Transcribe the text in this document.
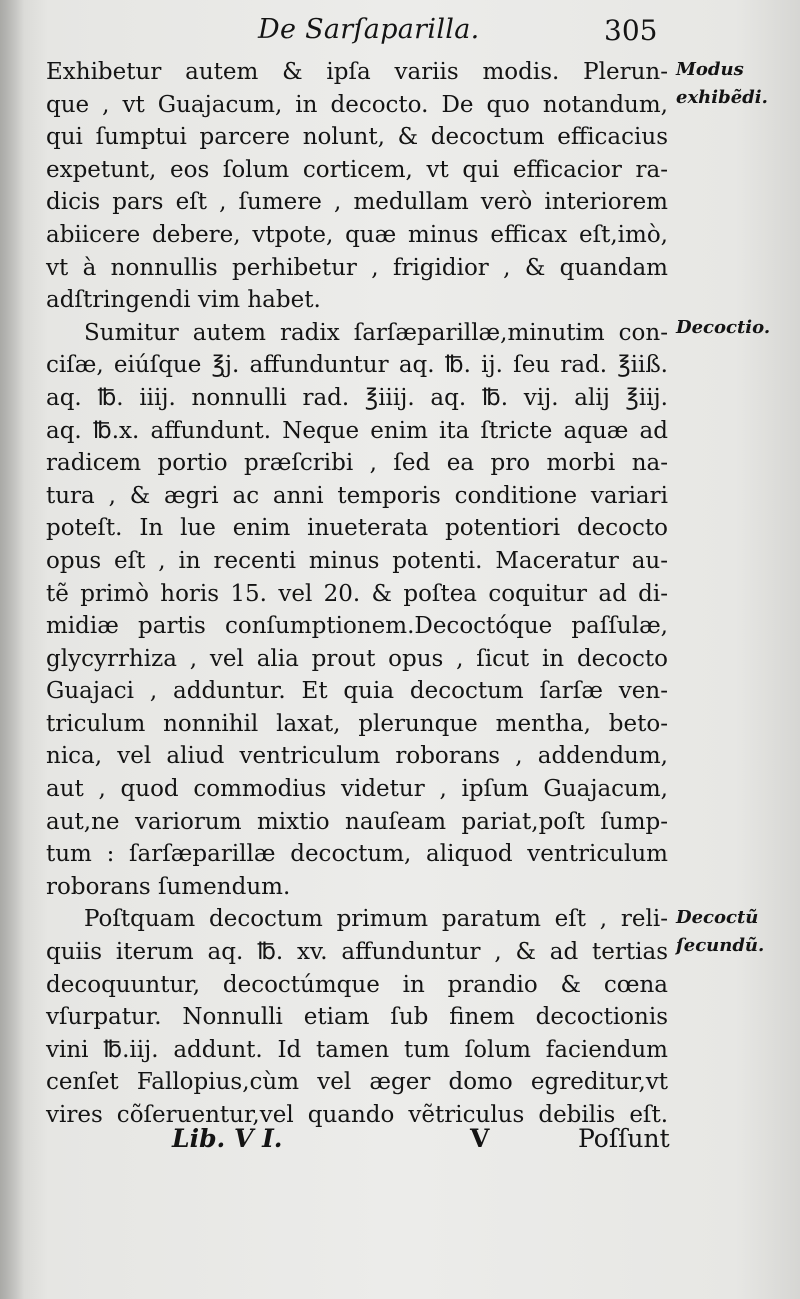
De Sarſaparilla.	305
Exhibetur autem & ipſa variis modis. Plerun-
que , vt Guajacum, in decocto. De quo notandum,
qui ſumptui parcere nolunt, & decoctum efficacius
expetunt, eos ſolum corticem, vt qui efficacior ra-
dicis pars eſt , ſumere , medullam verò interiorem
abiicere debere, vtpote, quæ minus efficax eſt,imò,
vt à nonnullis perhibetur , frigidior , & quandam
adſtringendi vim habet.
Sumitur autem radix ſarſæparillæ,minutim con-
ciſæ, eiúſque ℥j. affunduntur aq. ℔. ij. ſeu rad. ℥iiß.
aq. ℔. iiij. nonnulli rad. ℥iiij. aq. ℔. vij. alij ℥iij.
aq. ℔.x. affundunt. Neque enim ita ſtricte aquæ ad
radicem portio præſcribi , ſed ea pro morbi na-
tura , & ægri ac anni temporis conditione variari
poteſt. In lue enim inueterata potentiori decocto
opus eſt , in recenti minus potenti. Maceratur au-
tẽ primò horis 15. vel 20. & poſtea coquitur ad di-
midiæ partis conſumptionem.Decoctóque paſſulæ,
glycyrrhiza , vel alia prout opus , ſicut in decocto
Guajaci , adduntur. Et quia decoctum ſarſæ ven-
triculum nonnihil laxat, plerunque mentha, beto-
nica, vel aliud ventriculum roborans , addendum,
aut , quod commodius videtur , ipſum Guajacum,
aut,ne variorum mixtio nauſeam pariat,poſt ſump-
tum : ſarſæparillæ decoctum, aliquod ventriculum
roborans ſumendum.
Poſtquam decoctum primum paratum eſt , reli-
quiis iterum aq. ℔. xv. affunduntur , & ad tertias
decoquuntur, decoctúmque in prandio & cœna
vſurpatur. Nonnulli etiam ſub finem decoctionis
vini ℔.iij. addunt. Id tamen tum ſolum faciendum
cenſet Fallopius,cùm vel æger domo egreditur,vt
vires cõſeruentur,vel quando vẽtriculus debilis eſt.
Modus
exhibẽdi.
Decoctio.
Decoctũ
ſecundũ.
Lib. V I.	V	Poſſunt
